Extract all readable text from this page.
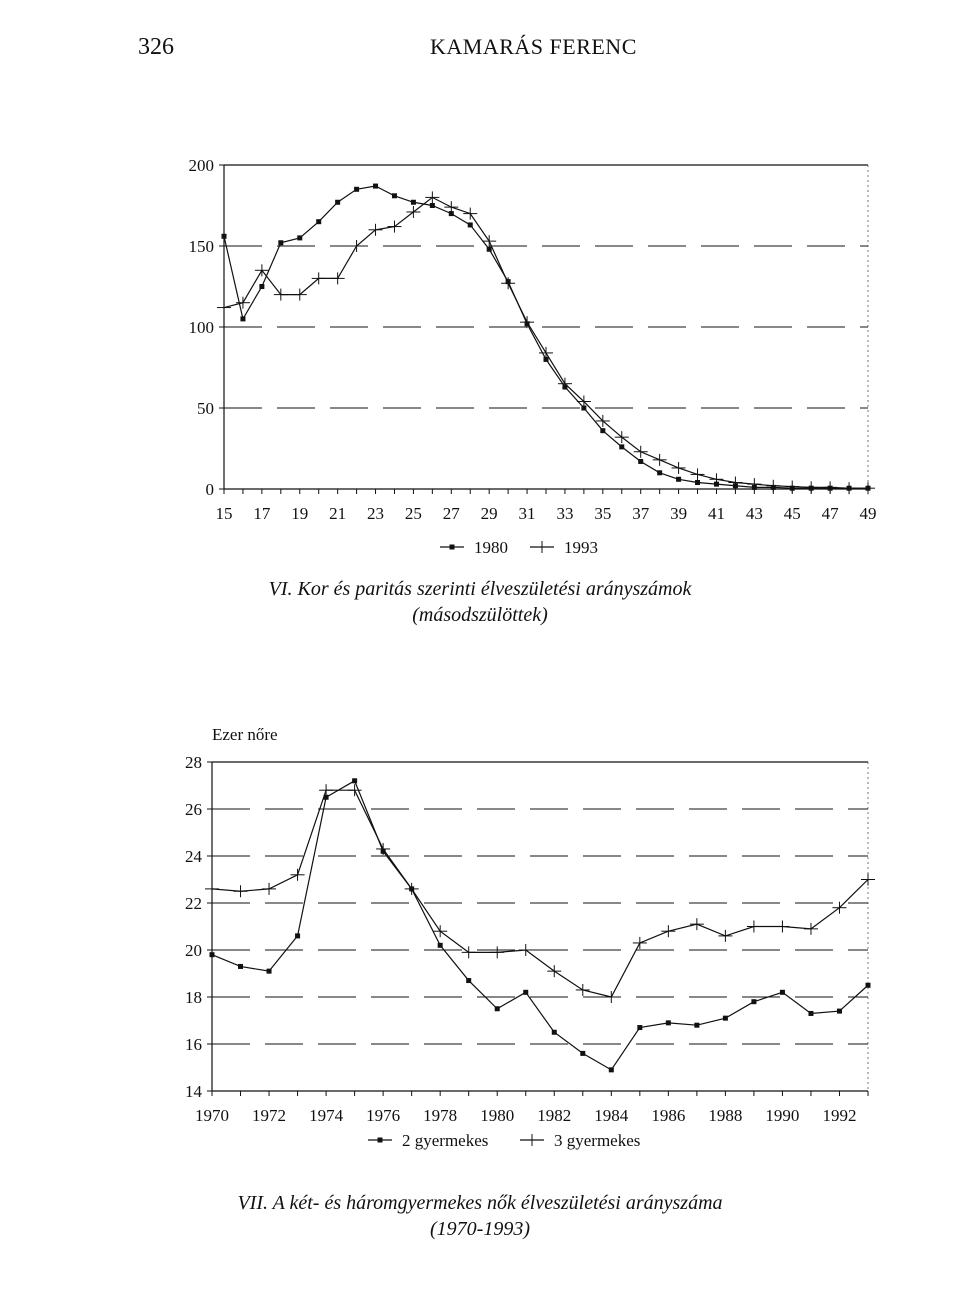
326	KAMARÁS FERENC
0
50
100
150
200
15 17 19 21 23 25 27 29 31 33 35 37 39 41 43 45 47 49
1980	1993
VI. Kor és paritás szerinti élveszületési arányszámok
(másodszülöttek)
14
16
18
20
22
24
26
28
1970 1972 1974 1976 1978 1980 1982 1984 1986 1988 1990 1992
2 gyermekes	3 gyermekes
Ezer nőre
VII. A két- és háromgyermekes nők élveszületési arányszáma
(1970-1993)
